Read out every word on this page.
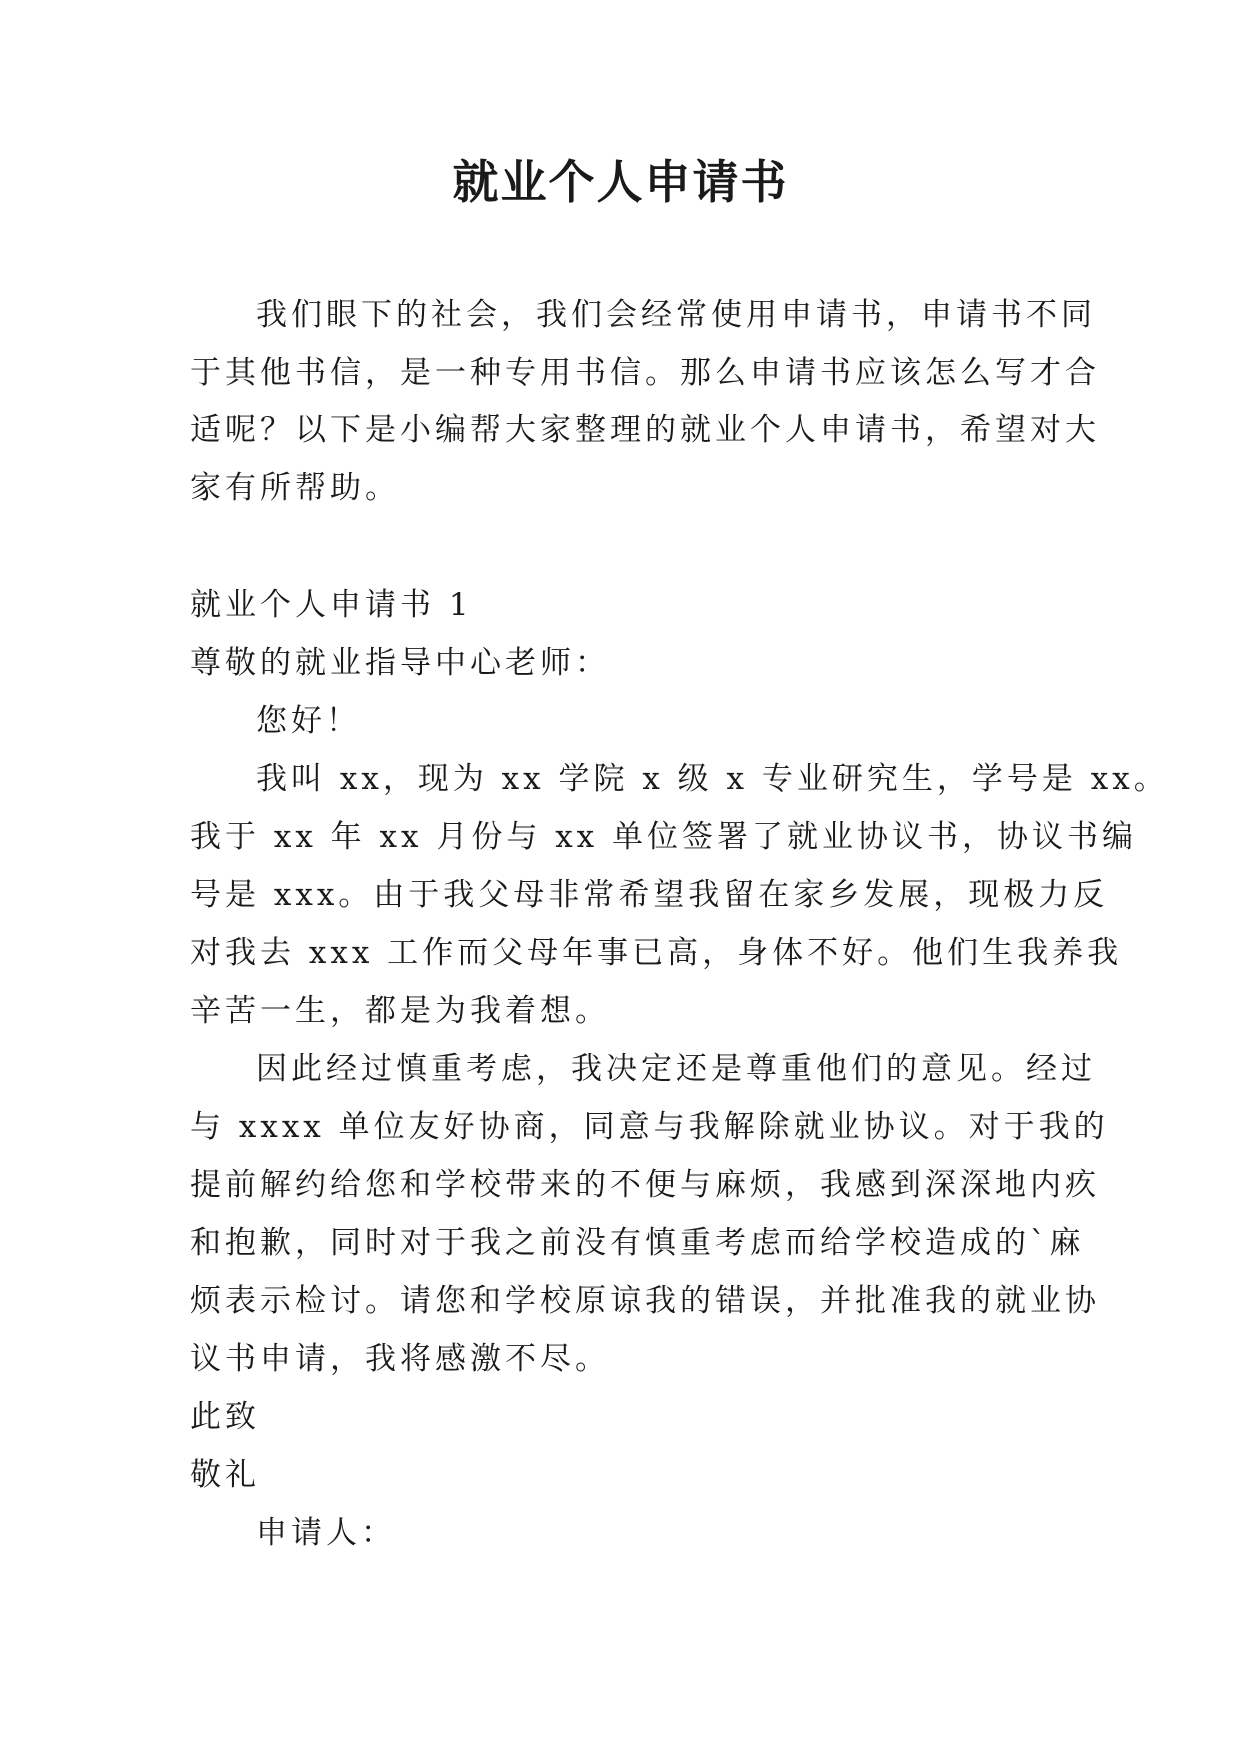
就业个人申请书
我们眼下的社会，我们会经常使用申请书，申请书不同
于其他书信，是一种专用书信。那么申请书应该怎么写才合
适呢？以下是小编帮大家整理的就业个人申请书，希望对大
家有所帮助。
就业个人申请书 1
尊敬的就业指导中心老师：
您好！
我叫 xx，现为 xx 学院 x 级 x 专业研究生，学号是 xx。
我于 xx 年 xx 月份与 xx 单位签署了就业协议书，协议书编
号是 xxx。由于我父母非常希望我留在家乡发展，现极力反
对我去 xxx 工作而父母年事已高，身体不好。他们生我养我
辛苦一生，都是为我着想。
因此经过慎重考虑，我决定还是尊重他们的意见。经过
与 xxxx 单位友好协商，同意与我解除就业协议。对于我的
提前解约给您和学校带来的不便与麻烦，我感到深深地内疚
和抱歉，同时对于我之前没有慎重考虑而给学校造成的`麻
烦表示检讨。请您和学校原谅我的错误，并批准我的就业协
议书申请，我将感激不尽。
此致
敬礼
申请人：
